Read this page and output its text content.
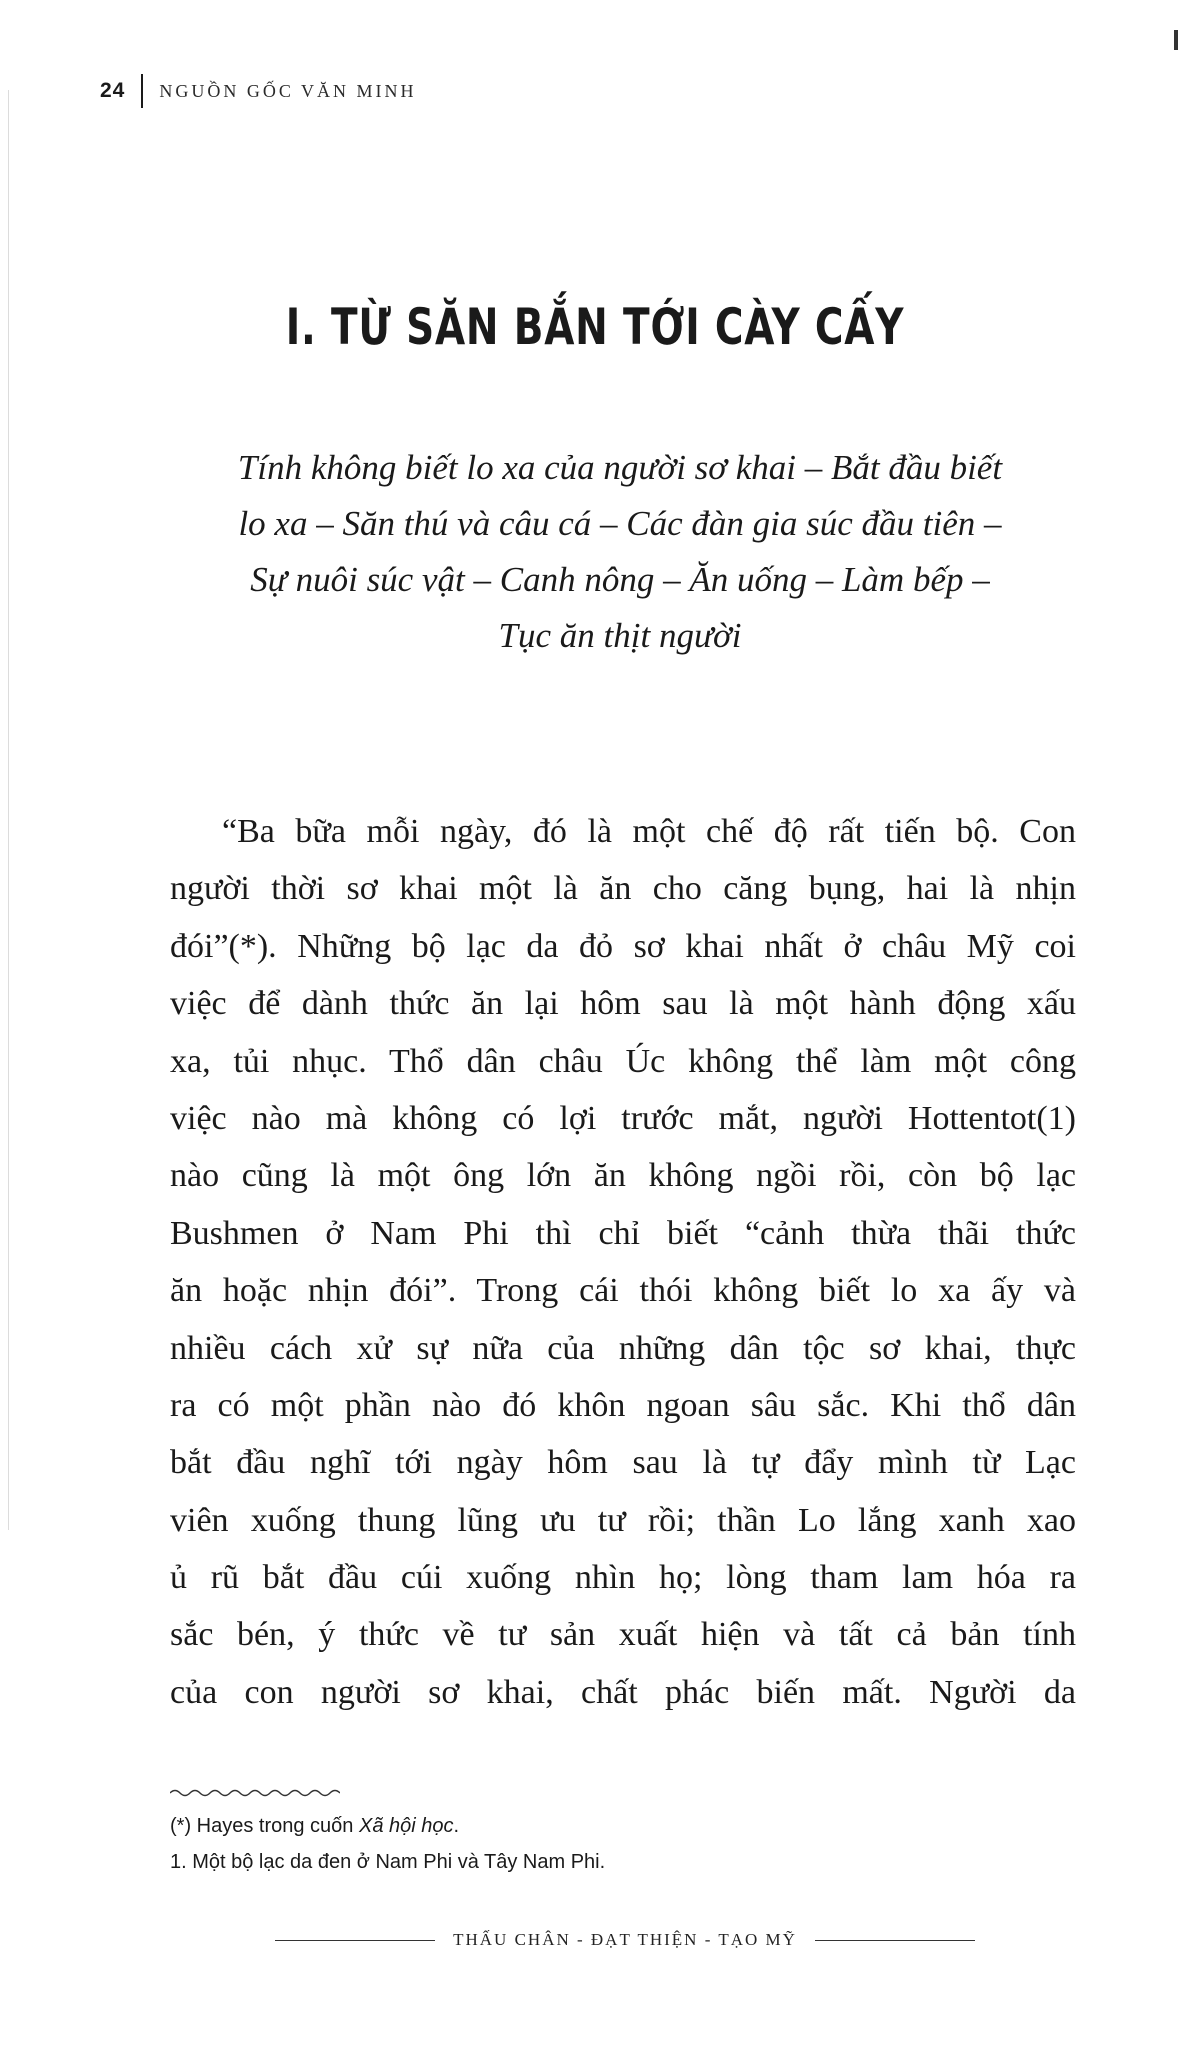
24 NGUỒN GỐC VĂN MINH
I. TỪ SĂN BẮN TỚI CÀY CẤY
Tính không biết lo xa của người sơ khai – Bắt đầu biết
lo xa – Săn thú và câu cá – Các đàn gia súc đầu tiên –
Sự nuôi súc vật – Canh nông – Ăn uống – Làm bếp –
Tục ăn thịt người
“Ba bữa mỗi ngày, đó là một chế độ rất tiến bộ. Con
người thời sơ khai một là ăn cho căng bụng, hai là nhịn
đói”(*). Những bộ lạc da đỏ sơ khai nhất ở châu Mỹ coi
việc để dành thức ăn lại hôm sau là một hành động xấu
xa, tủi nhục. Thổ dân châu Úc không thể làm một công
việc nào mà không có lợi trước mắt, người Hottentot(1)
nào cũng là một ông lớn ăn không ngồi rồi, còn bộ lạc
Bushmen ở Nam Phi thì chỉ biết “cảnh thừa thãi thức
ăn hoặc nhịn đói”. Trong cái thói không biết lo xa ấy và
nhiều cách xử sự nữa của những dân tộc sơ khai, thực
ra có một phần nào đó khôn ngoan sâu sắc. Khi thổ dân
bắt đầu nghĩ tới ngày hôm sau là tự đẩy mình từ Lạc
viên xuống thung lũng ưu tư rồi; thần Lo lắng xanh xao
ủ rũ bắt đầu cúi xuống nhìn họ; lòng tham lam hóa ra
sắc bén, ý thức về tư sản xuất hiện và tất cả bản tính
của con người sơ khai, chất phác biến mất. Người da
(*) Hayes trong cuốn Xã hội học.
1. Một bộ lạc da đen ở Nam Phi và Tây Nam Phi.
THẤU CHÂN - ĐẠT THIỆN - TẠO MỸ
